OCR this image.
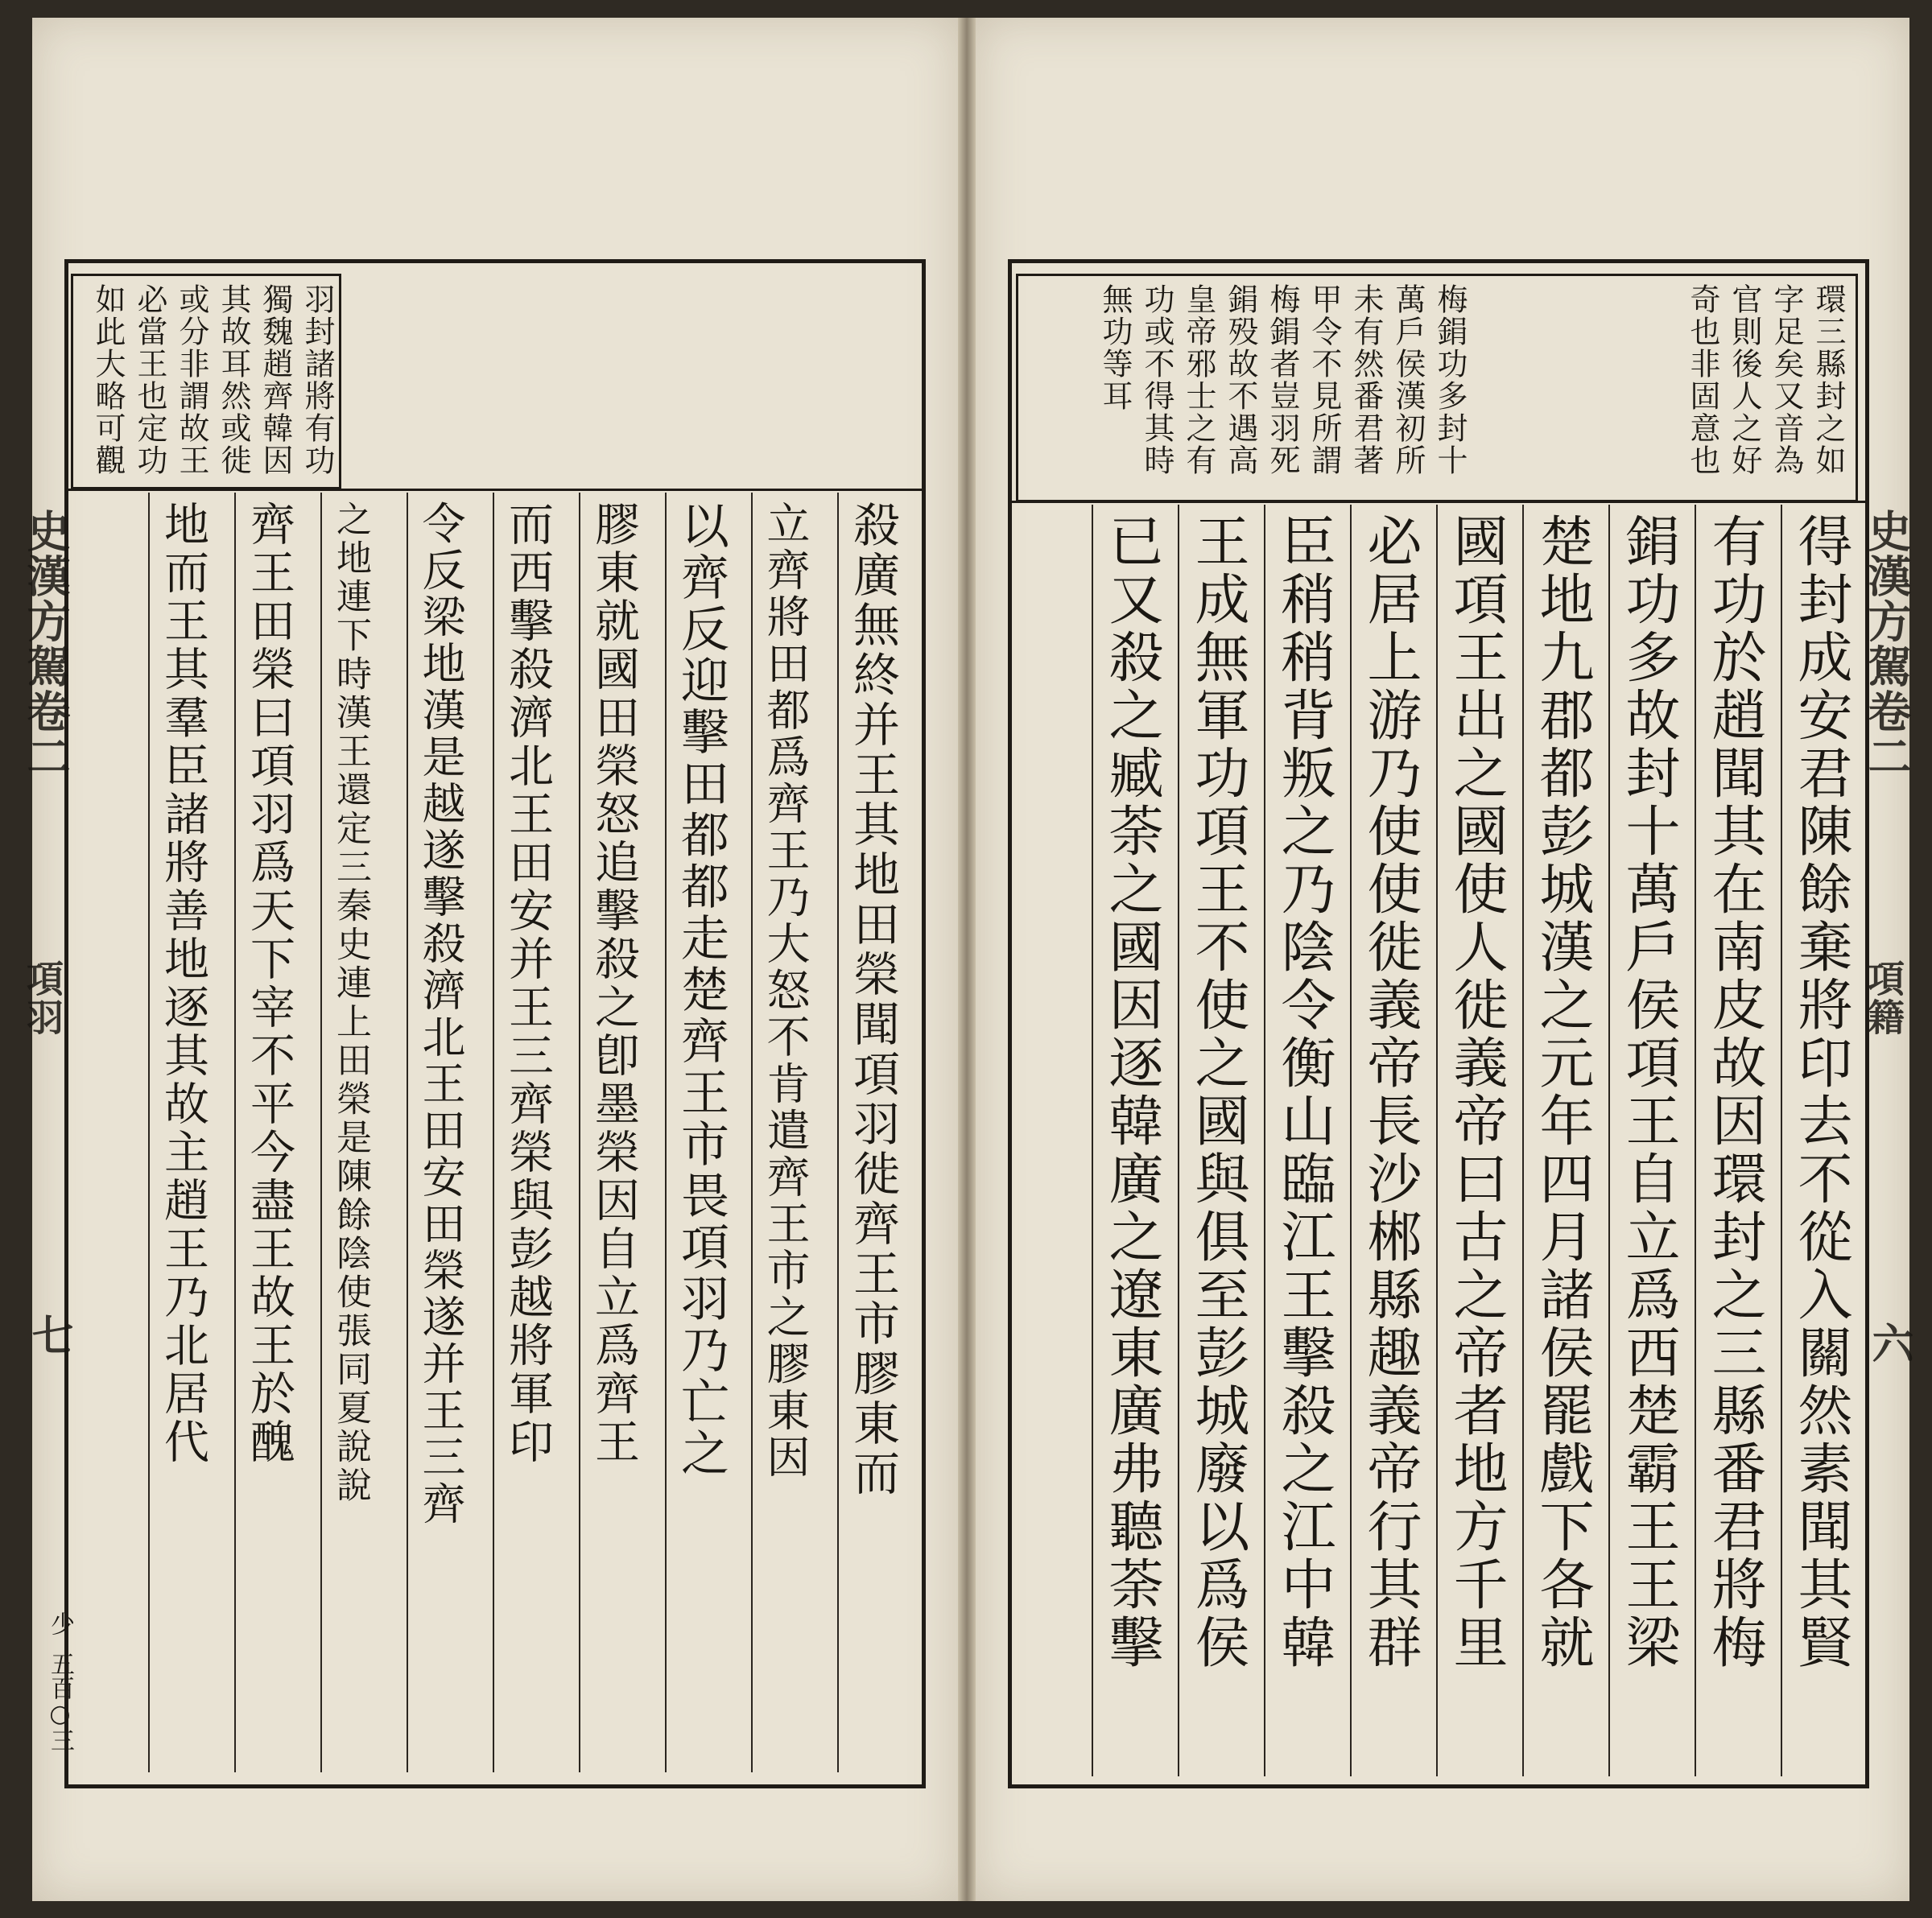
羽封諸將有功
獨魏趙齊韓因
其故耳然或徙
或分非謂故王
必當王也定功
如此大略可觀
殺廣無終并王其地田榮聞項羽徙齊王市膠東而
立齊將田都爲齊王乃大怒不肯遣齊王市之膠東因
以齊反迎擊田都都走楚齊王市畏項羽乃亡之
膠東就國田榮怒追擊殺之卽墨榮因自立爲齊王
而西擊殺濟北王田安并王三齊榮與彭越將軍印
令反梁地漢是越遂擊殺濟北王田安田榮遂并王三齊
之地連下時漢王還定三秦史連上田榮是陳餘陰使張同夏說說
齊王田榮曰項羽爲天下宰不平今盡王故王於醜
地而王其羣臣諸將善地逐其故主趙王乃北居代
史漢方駕卷二
項羽
七
少
五百○三
環三縣封之如
字足矣又音為
官則後人之好
奇也非固意也
梅鋗功多封十
萬戶侯漢初所
未有然番君著
甲令不見所謂
梅鋗者豈羽死
鋗殁故不遇高
皇帝邪士之有
功或不得其時
無功等耳
得封成安君陳餘棄將印去不從入關然素聞其賢
有功於趙聞其在南皮故因環封之三縣番君將梅
鋗功多故封十萬戶侯項王自立爲西楚霸王王梁
楚地九郡都彭城漢之元年四月諸侯罷戲下各就
國項王出之國使人徙義帝曰古之帝者地方千里
必居上游乃使使徙義帝長沙郴縣趣義帝行其群
臣稍稍背叛之乃陰令衡山臨江王擊殺之江中韓
王成無軍功項王不使之國與俱至彭城廢以爲侯
已又殺之臧荼之國因逐韓廣之遼東廣弗聽荼擊	史漢方駕卷二
項籍
六
